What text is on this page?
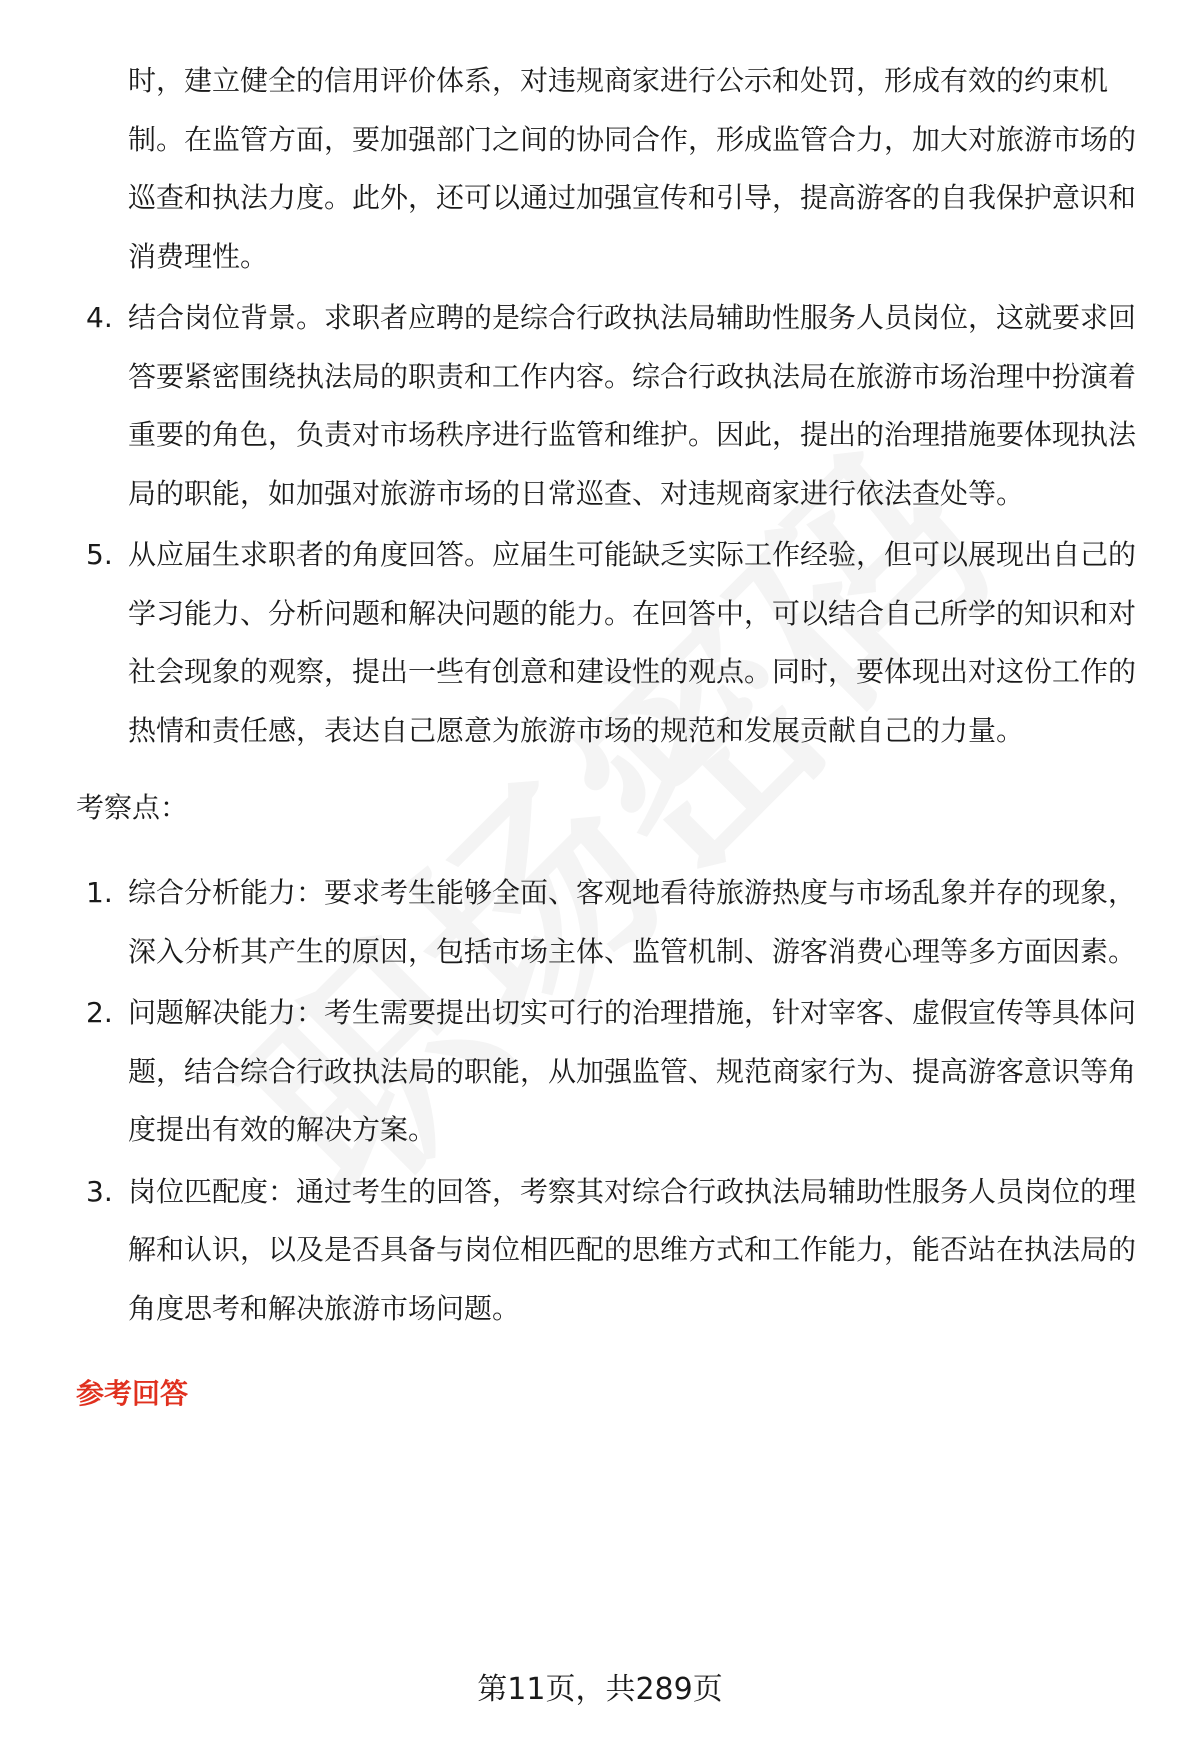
时，建立健全的信用评价体系，对违规商家进行公示和处罚，形成有效的约束机制。在监管方面，要加强部门之间的协同合作，形成监管合力，加大对旅游市场的巡查和执法力度。此外，还可以通过加强宣传和引导，提高游客的自我保护意识和消费理性。
4. 结合岗位背景。求职者应聘的是综合行政执法局辅助性服务人员岗位，这就要求回答要紧密围绕执法局的职责和工作内容。综合行政执法局在旅游市场治理中扮演着重要的角色，负责对市场秩序进行监管和维护。因此，提出的治理措施要体现执法局的职能，如加强对旅游市场的日常巡查、对违规商家进行依法查处等。
5. 从应届生求职者的角度回答。应届生可能缺乏实际工作经验，但可以展现出自己的学习能力、分析问题和解决问题的能力。在回答中，可以结合自己所学的知识和对社会现象的观察，提出一些有创意和建设性的观点。同时，要体现出对这份工作的热情和责任感，表达自己愿意为旅游市场的规范和发展贡献自己的力量。
考察点：
1. 综合分析能力：要求考生能够全面、客观地看待旅游热度与市场乱象并存的现象，深入分析其产生的原因，包括市场主体、监管机制、游客消费心理等多方面因素。
2. 问题解决能力：考生需要提出切实可行的治理措施，针对宰客、虚假宣传等具体问题，结合综合行政执法局的职能，从加强监管、规范商家行为、提高游客意识等角度提出有效的解决方案。
3. 岗位匹配度：通过考生的回答，考察其对综合行政执法局辅助性服务人员岗位的理解和认识，以及是否具备与岗位相匹配的思维方式和工作能力，能否站在执法局的角度思考和解决旅游市场问题。
参考回答
第11页，共289页
